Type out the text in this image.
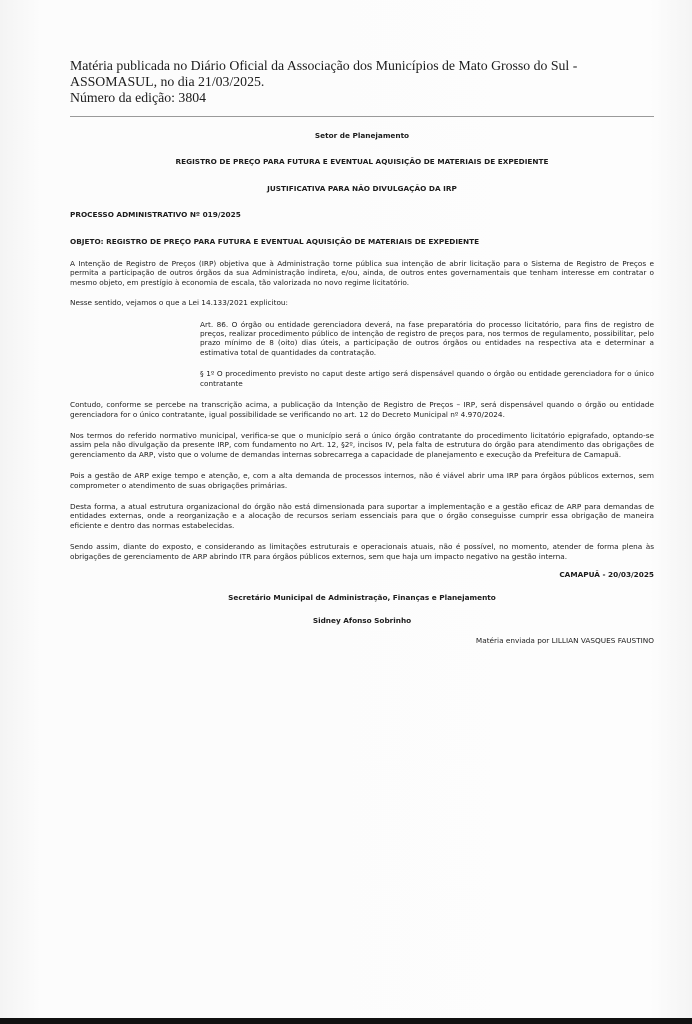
Matéria publicada no Diário Oficial da Associação dos Municípios de Mato Grosso do Sul -
ASSOMASUL, no dia 21/03/2025.
Número da edição: 3804

Setor de Planejamento

REGISTRO DE PREÇO PARA FUTURA E EVENTUAL AQUISIÇÃO DE MATERIAIS DE EXPEDIENTE

JUSTIFICATIVA PARA NÃO DIVULGAÇÃO DA IRP

PROCESSO ADMINISTRATIVO Nº 019/2025

OBJETO: REGISTRO DE PREÇO PARA FUTURA E EVENTUAL AQUISIÇÃO DE MATERIAIS DE EXPEDIENTE

A Intenção de Registro de Preços (IRP) objetiva que à Administração torne pública sua intenção de abrir licitação para o Sistema de Registro de Preços e permita a participação de outros órgãos da sua Administração indireta, e/ou, ainda, de outros entes governamentais que tenham interesse em contratar o mesmo objeto, em prestígio à economia de escala, tão valorizada no novo regime licitatório.

Nesse sentido, vejamos o que a Lei 14.133/2021 explicitou:

Art. 86. O órgão ou entidade gerenciadora deverá, na fase preparatória do processo licitatório, para fins de registro de preços, realizar procedimento público de intenção de registro de preços para, nos termos de regulamento, possibilitar, pelo prazo mínimo de 8 (oito) dias úteis, a participação de outros órgãos ou entidades na respectiva ata e determinar a estimativa total de quantidades da contratação.

§ 1º O procedimento previsto no caput deste artigo será dispensável quando o órgão ou entidade gerenciadora for o único contratante

Contudo, conforme se percebe na transcrição acima, a publicação da Intenção de Registro de Preços – IRP, será dispensável quando o órgão ou entidade gerenciadora for o único contratante, igual possibilidade se verificando no art. 12 do Decreto Municipal nº 4.970/2024.

Nos termos do referido normativo municipal, verifica-se que o município será o único órgão contratante do procedimento licitatório epigrafado, optando-se assim pela não divulgação da presente IRP, com fundamento no Art. 12, §2º, incisos IV, pela falta de estrutura do órgão para atendimento das obrigações de gerenciamento da ARP, visto que o volume de demandas internas sobrecarrega a capacidade de planejamento e execução da Prefeitura de Camapuã.

Pois a gestão de ARP exige tempo e atenção, e, com a alta demanda de processos internos, não é viável abrir uma IRP para órgãos públicos externos, sem comprometer o atendimento de suas obrigações primárias.

Desta forma, a atual estrutura organizacional do órgão não está dimensionada para suportar a implementação e a gestão eficaz de ARP para demandas de entidades externas, onde a reorganização e a alocação de recursos seriam essenciais para que o órgão conseguisse cumprir essa obrigação de maneira eficiente e dentro das normas estabelecidas.

Sendo assim, diante do exposto, e considerando as limitações estruturais e operacionais atuais, não é possível, no momento, atender de forma plena às obrigações de gerenciamento de ARP abrindo ITR para órgãos públicos externos, sem que haja um impacto negativo na gestão interna.

CAMAPUÃ - 20/03/2025

Secretário Municipal de Administração, Finanças e Planejamento

Sidney Afonso Sobrinho

Matéria enviada por LILLIAN VASQUES FAUSTINO
